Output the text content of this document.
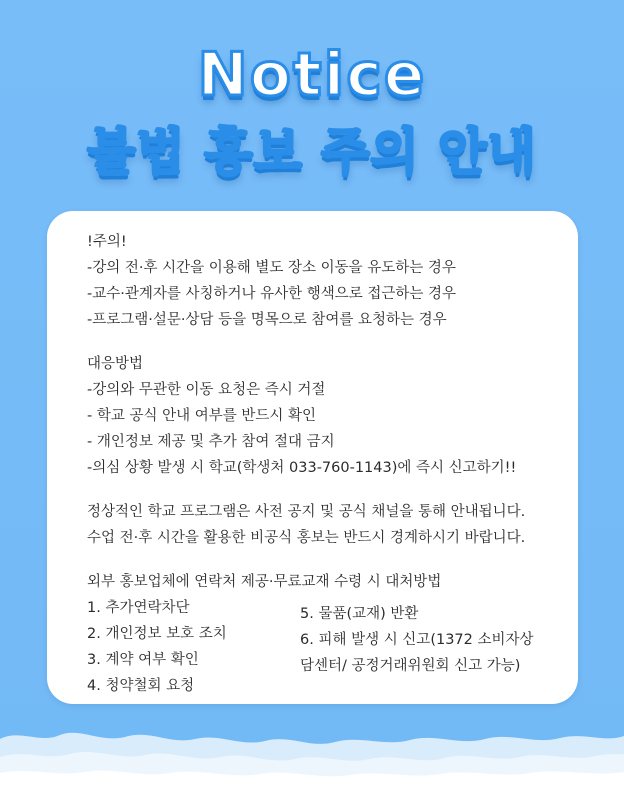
Notice
불법 홍보 주의 안내
!주의!
-강의 전·후 시간을 이용해 별도 장소 이동을 유도하는 경우
-교수·관계자를 사칭하거나 유사한 행색으로 접근하는 경우
-프로그램·설문·상담 등을 명목으로 참여를 요청하는 경우
대응방법
-강의와 무관한 이동 요청은 즉시 거절
- 학교 공식 안내 여부를 반드시 확인
- 개인정보 제공 및 추가 참여 절대 금지
-의심 상황 발생 시 학교(학생처 033-760-1143)에 즉시 신고하기!!
정상적인 학교 프로그램은 사전 공지 및 공식 채널을 통해 안내됩니다.
수업 전·후 시간을 활용한 비공식 홍보는 반드시 경계하시기 바랍니다.
외부 홍보업체에 연락처 제공·무료교재 수령 시 대처방법
1. 추가연락차단
2. 개인정보 보호 조치
3. 계약 여부 확인
4. 청약철회 요청
5. 물품(교재) 반환
6. 피해 발생 시 신고(1372 소비자상
담센터/ 공정거래위원회 신고 가능)
